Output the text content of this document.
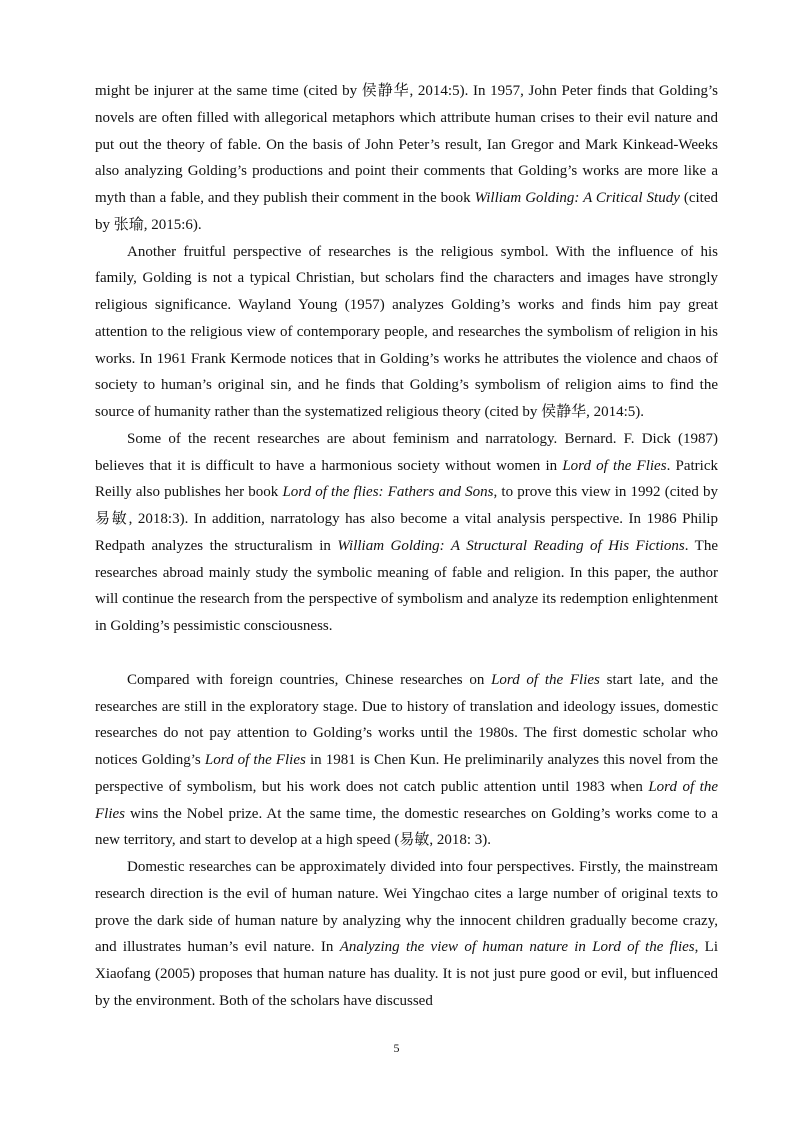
might be injurer at the same time (cited by 侯静华, 2014:5). In 1957, John Peter finds that Golding’s novels are often filled with allegorical metaphors which attribute human crises to their evil nature and put out the theory of fable. On the basis of John Peter’s result, Ian Gregor and Mark Kinkead-Weeks also analyzing Golding’s productions and point their comments that Golding’s works are more like a myth than a fable, and they publish their comment in the book William Golding: A Critical Study (cited by 张瑜, 2015:6).

Another fruitful perspective of researches is the religious symbol. With the influence of his family, Golding is not a typical Christian, but scholars find the characters and images have strongly religious significance. Wayland Young (1957) analyzes Golding’s works and finds him pay great attention to the religious view of contemporary people, and researches the symbolism of religion in his works. In 1961 Frank Kermode notices that in Golding’s works he attributes the violence and chaos of society to human’s original sin, and he finds that Golding’s symbolism of religion aims to find the source of humanity rather than the systematized religious theory (cited by 侯静华, 2014:5).

Some of the recent researches are about feminism and narratology. Bernard. F. Dick (1987) believes that it is difficult to have a harmonious society without women in Lord of the Flies. Patrick Reilly also publishes her book Lord of the flies: Fathers and Sons, to prove this view in 1992 (cited by 易敏, 2018:3). In addition, narratology has also become a vital analysis perspective. In 1986 Philip Redpath analyzes the structuralism in William Golding: A Structural Reading of His Fictions. The researches abroad mainly study the symbolic meaning of fable and religion. In this paper, the author will continue the research from the perspective of symbolism and analyze its redemption enlightenment in Golding’s pessimistic consciousness.

Compared with foreign countries, Chinese researches on Lord of the Flies start late, and the researches are still in the exploratory stage. Due to history of translation and ideology issues, domestic researches do not pay attention to Golding’s works until the 1980s. The first domestic scholar who notices Golding’s Lord of the Flies in 1981 is Chen Kun. He preliminarily analyzes this novel from the perspective of symbolism, but his work does not catch public attention until 1983 when Lord of the Flies wins the Nobel prize. At the same time, the domestic researches on Golding’s works come to a new territory, and start to develop at a high speed (易敏, 2018: 3).

Domestic researches can be approximately divided into four perspectives. Firstly, the mainstream research direction is the evil of human nature. Wei Yingchao cites a large number of original texts to prove the dark side of human nature by analyzing why the innocent children gradually become crazy, and illustrates human’s evil nature. In Analyzing the view of human nature in Lord of the flies, Li Xiaofang (2005) proposes that human nature has duality. It is not just pure good or evil, but influenced by the environment. Both of the scholars have discussed

5
